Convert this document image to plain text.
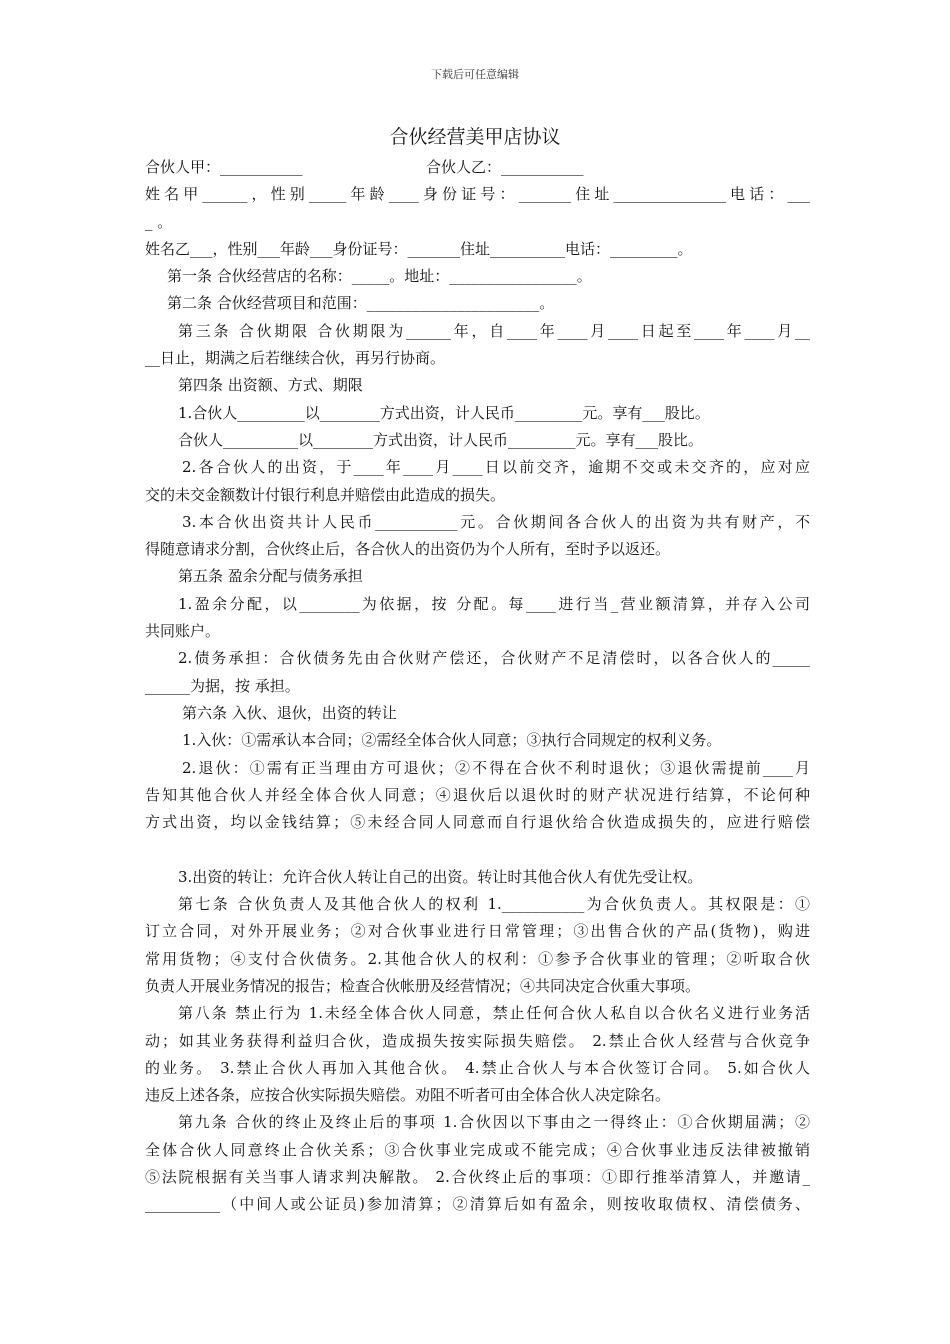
下载后可任意编辑
合伙经营美甲店协议
合伙人甲：___________	合伙人乙：___________
姓名甲______，性别_____年龄____身份证号：_______住址_______________电话：___
_ 。
姓名乙___，性别___年龄___身份证号：_______住址__________电话：_________。
第一条 合伙经营店的名称：_____。地址：_________________。
第二条 合伙经营项目和范围：_______________________。
第三条 合伙期限 合伙期限为______年，自____年____月____日起至____年____月__
__日止，期满之后若继续合伙，再另行协商。
第四条 出资额、方式、期限
1.合伙人_________以________方式出资，计人民币_________元。享有___股比。
合伙人__________以________方式出资，计人民币_________元。享有___股比。
2.各合伙人的出资，于____年____月____日以前交齐，逾期不交或未交齐的，应对应
交的未交金额数计付银行利息并赔偿由此造成的损失。
3.本合伙出资共计人民币___________元。合伙期间各合伙人的出资为共有财产，不
得随意请求分割，合伙终止后，各合伙人的出资仍为个人所有，至时予以返还。
第五条 盈余分配与债务承担
1.盈余分配，以________为依据，按 分配。每____进行当_营业额清算，并存入公司
共同账户。
2.债务承担：合伙债务先由合伙财产偿还，合伙财产不足清偿时，以各合伙人的_____
______为据，按 承担。
第六条 入伙、退伙，出资的转让
1.入伙：①需承认本合同；②需经全体合伙人同意；③执行合同规定的权利义务。
2.退伙：①需有正当理由方可退伙；②不得在合伙不利时退伙；③退伙需提前____月
告知其他合伙人并经全体合伙人同意；④退伙后以退伙时的财产状况进行结算，不论何种
方式出资，均以金钱结算；⑤未经合同人同意而自行退伙给合伙造成损失的，应进行赔偿
3.出资的转让：允许合伙人转让自己的出资。转让时其他合伙人有优先受让权。
第七条 合伙负责人及其他合伙人的权利 1.___________为合伙负责人。其权限是：①
订立合同，对外开展业务；②对合伙事业进行日常管理；③出售合伙的产品(货物)，购进
常用货物；④支付合伙债务。2.其他合伙人的权利：①参予合伙事业的管理；②听取合伙
负责人开展业务情况的报告；检查合伙帐册及经营情况；④共同决定合伙重大事项。
第八条 禁止行为 1.未经全体合伙人同意，禁止任何合伙人私自以合伙名义进行业务活
动；如其业务获得利益归合伙，造成损失按实际损失赔偿。 2.禁止合伙人经营与合伙竞争
的业务。 3.禁止合伙人再加入其他合伙。 4.禁止合伙人与本合伙签订合同。 5.如合伙人
违反上述各条，应按合伙实际损失赔偿。劝阻不听者可由全体合伙人决定除名。
第九条 合伙的终止及终止后的事项 1.合伙因以下事由之一得终止：①合伙期届满；②
全体合伙人同意终止合伙关系；③合伙事业完成或不能完成；④合伙事业违反法律被撤销
⑤法院根据有关当事人请求判决解散。 2.合伙终止后的事项：①即行推举清算人，并邀请_
__________（中间人或公证员)参加清算；②清算后如有盈余，则按收取债权、清偿债务、
